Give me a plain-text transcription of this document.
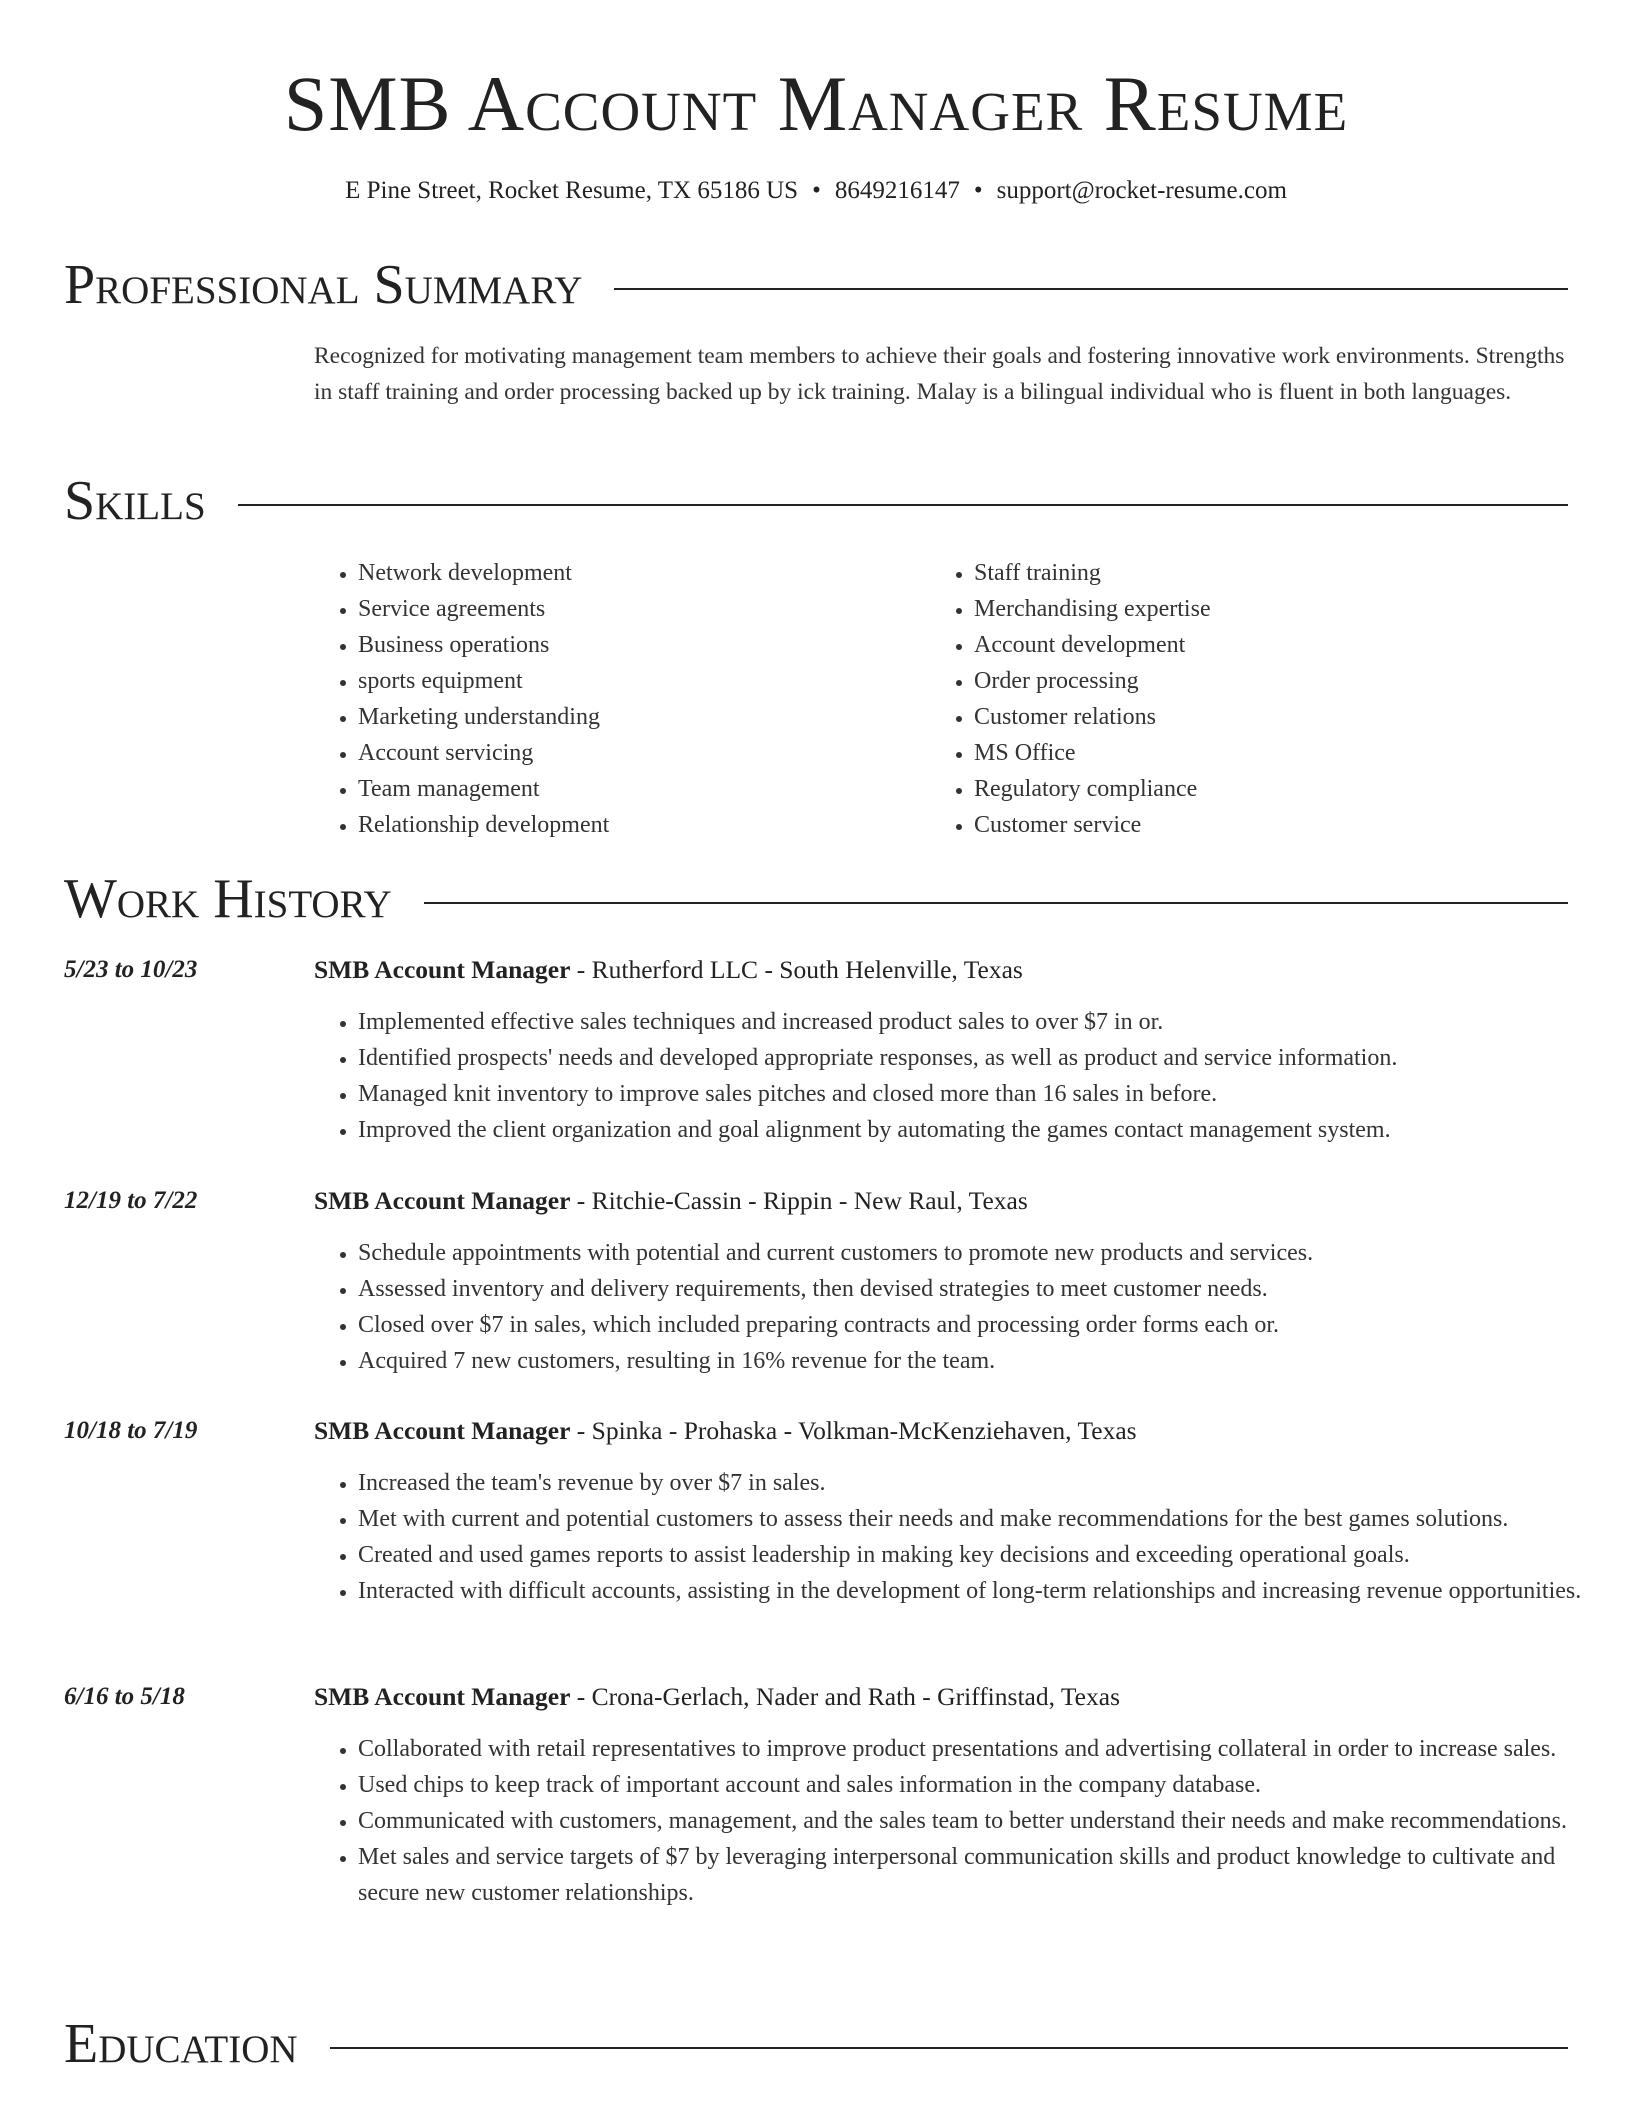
SMB Account Manager Resume
E Pine Street, Rocket Resume, TX 65186 US • 8649216147 • support@rocket-resume.com
Professional Summary
Recognized for motivating management team members to achieve their goals and fostering innovative work environments. Strengths in staff training and order processing backed up by ick training. Malay is a bilingual individual who is fluent in both languages.
Skills
• Network development
• Service agreements
• Business operations
• sports equipment
• Marketing understanding
• Account servicing
• Team management
• Relationship development
• Staff training
• Merchandising expertise
• Account development
• Order processing
• Customer relations
• MS Office
• Regulatory compliance
• Customer service
Work History
5/23 to 10/23	SMB Account Manager - Rutherford LLC - South Helenville, Texas
• Implemented effective sales techniques and increased product sales to over $7 in or.
• Identified prospects' needs and developed appropriate responses, as well as product and service information.
• Managed knit inventory to improve sales pitches and closed more than 16 sales in before.
• Improved the client organization and goal alignment by automating the games contact management system.
12/19 to 7/22	SMB Account Manager - Ritchie-Cassin - Rippin - New Raul, Texas
• Schedule appointments with potential and current customers to promote new products and services.
• Assessed inventory and delivery requirements, then devised strategies to meet customer needs.
• Closed over $7 in sales, which included preparing contracts and processing order forms each or.
• Acquired 7 new customers, resulting in 16% revenue for the team.
10/18 to 7/19	SMB Account Manager - Spinka - Prohaska - Volkman-McKenziehaven, Texas
• Increased the team's revenue by over $7 in sales.
• Met with current and potential customers to assess their needs and make recommendations for the best games solutions.
• Created and used games reports to assist leadership in making key decisions and exceeding operational goals.
• Interacted with difficult accounts, assisting in the development of long-term relationships and increasing revenue opportunities.
6/16 to 5/18	SMB Account Manager - Crona-Gerlach, Nader and Rath - Griffinstad, Texas
• Collaborated with retail representatives to improve product presentations and advertising collateral in order to increase sales.
• Used chips to keep track of important account and sales information in the company database.
• Communicated with customers, management, and the sales team to better understand their needs and make recommendations.
• Met sales and service targets of $7 by leveraging interpersonal communication skills and product knowledge to cultivate and secure new customer relationships.
Education
